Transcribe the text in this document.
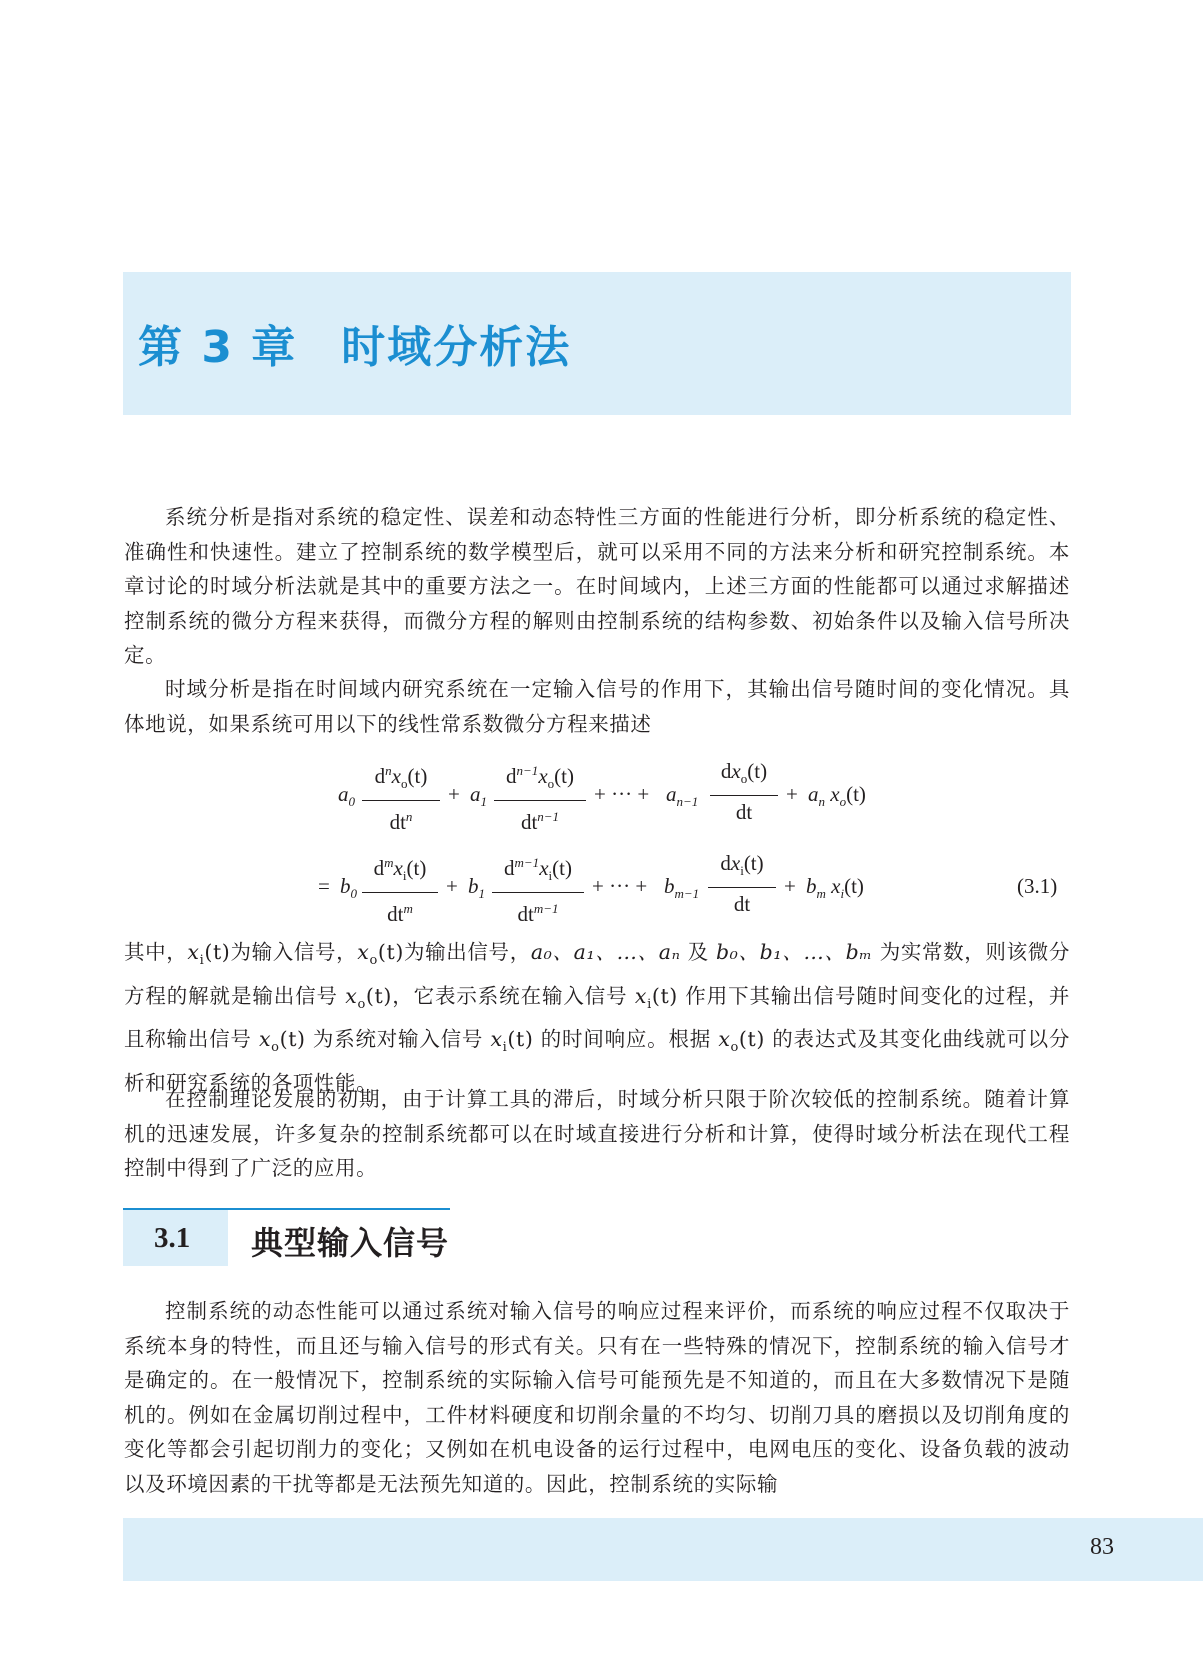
第 3 章 时域分析法

系统分析是指对系统的稳定性、误差和动态特性三方面的性能进行分析，即分析系统的稳定性、准确性和快速性。建立了控制系统的数学模型后，就可以采用不同的方法来分析和研究控制系统。本章讨论的时域分析法就是其中的重要方法之一。在时间域内，上述三方面的性能都可以通过求解描述控制系统的微分方程来获得，而微分方程的解则由控制系统的结构参数、初始条件以及输入信号所决定。

时域分析是指在时间域内研究系统在一定输入信号的作用下，其输出信号随时间的变化情况。具体地说，如果系统可用以下的线性常系数微分方程来描述

$a_0$
$d^nx_o(t)$
$dt^n$
+ $a_1$
$d^{n-1}x_o(t)$
$dt^{n-1}$
+ ··· + $a_{n-1}$
$dx_o(t)$
dt
+ $a_n$ $x_o(t)$
= $b_0$
$d^mx_i(t)$
$dt^m$
+ $b_1$
$d^{m-1}x_i(t)$
$dt^{m-1}$
+ ··· + $b_{m-1}$
$dx_i(t)$
dt
+ $b_m$ $x_i(t)$	(3.1)

其中，$x_i(t)$为输入信号，$x_o(t)$为输出信号，a₀、a₁、…、aₙ 及 b₀、b₁、…、bₘ 为实常数，则该微分方程的解就是输出信号 $x_o(t)$，它表示系统在输入信号 $x_i(t)$ 作用下其输出信号随时间变化的过程，并且称输出信号 $x_o(t)$ 为系统对输入信号 $x_i(t)$ 的时间响应。根据 $x_o(t)$ 的表达式及其变化曲线就可以分析和研究系统的各项性能。

在控制理论发展的初期，由于计算工具的滞后，时域分析只限于阶次较低的控制系统。随着计算机的迅速发展，许多复杂的控制系统都可以在时域直接进行分析和计算，使得时域分析法在现代工程控制中得到了广泛的应用。

3.1 典型输入信号

控制系统的动态性能可以通过系统对输入信号的响应过程来评价，而系统的响应过程不仅取决于系统本身的特性，而且还与输入信号的形式有关。只有在一些特殊的情况下，控制系统的输入信号才是确定的。在一般情况下，控制系统的实际输入信号可能预先是不知道的，而且在大多数情况下是随机的。例如在金属切削过程中，工件材料硬度和切削余量的不均匀、切削刀具的磨损以及切削角度的变化等都会引起切削力的变化；又例如在机电设备的运行过程中，电网电压的变化、设备负载的波动以及环境因素的干扰等都是无法预先知道的。因此，控制系统的实际输

83
